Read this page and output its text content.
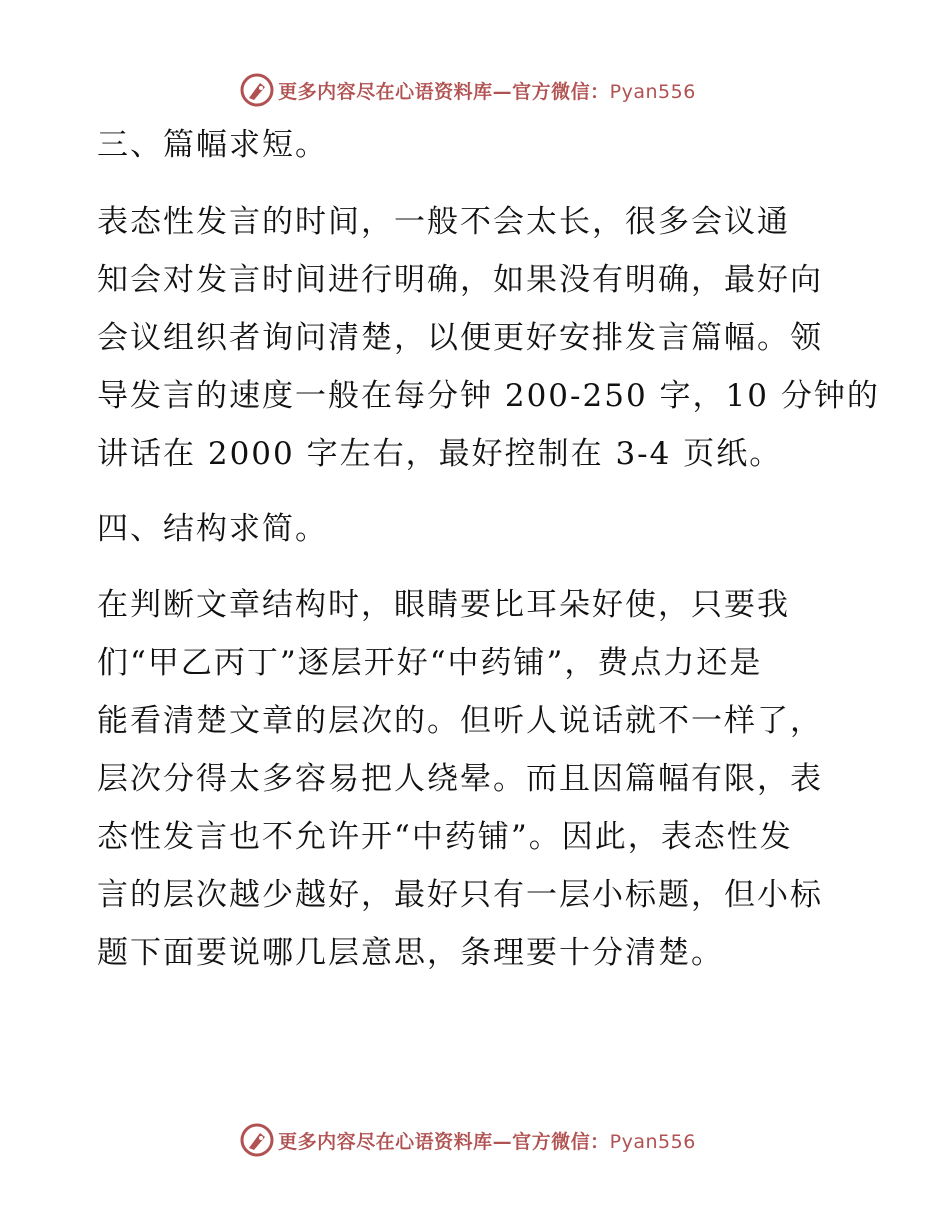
更多内容尽在心语资料库—官方微信：Pyan556
三、篇幅求短。
表态性发言的时间，一般不会太长，很多会议通
知会对发言时间进行明确，如果没有明确，最好向
会议组织者询问清楚，以便更好安排发言篇幅。领
导发言的速度一般在每分钟 200-250 字，10 分钟的
讲话在 2000 字左右，最好控制在 3-4 页纸。
四、结构求简。
在判断文章结构时，眼睛要比耳朵好使，只要我
们“甲乙丙丁”逐层开好“中药铺”，费点力还是
能看清楚文章的层次的。但听人说话就不一样了，
层次分得太多容易把人绕晕。而且因篇幅有限，表
态性发言也不允许开“中药铺”。因此，表态性发
言的层次越少越好，最好只有一层小标题，但小标
题下面要说哪几层意思，条理要十分清楚。
更多内容尽在心语资料库—官方微信：Pyan556
